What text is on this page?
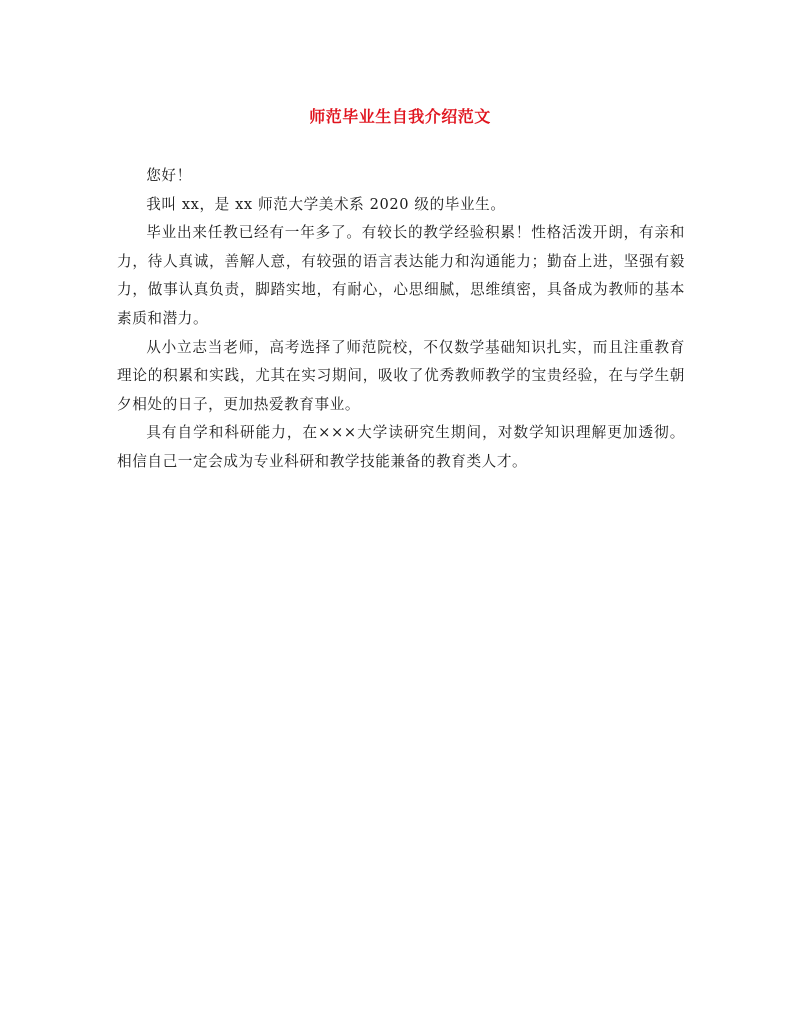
师范毕业生自我介绍范文

您好！

我叫 xx，是 xx 师范大学美术系 2020 级的毕业生。

毕业出来任教已经有一年多了。有较长的教学经验积累！性格活泼开朗，有亲和力，待人真诚，善解人意，有较强的语言表达能力和沟通能力；勤奋上进，坚强有毅力，做事认真负责，脚踏实地，有耐心，心思细腻，思维缜密，具备成为教师的基本素质和潜力。

从小立志当老师，高考选择了师范院校，不仅数学基础知识扎实，而且注重教育理论的积累和实践，尤其在实习期间，吸收了优秀教师教学的宝贵经验，在与学生朝夕相处的日子，更加热爱教育事业。

具有自学和科研能力，在×××大学读研究生期间，对数学知识理解更加透彻。相信自己一定会成为专业科研和教学技能兼备的教育类人才。
